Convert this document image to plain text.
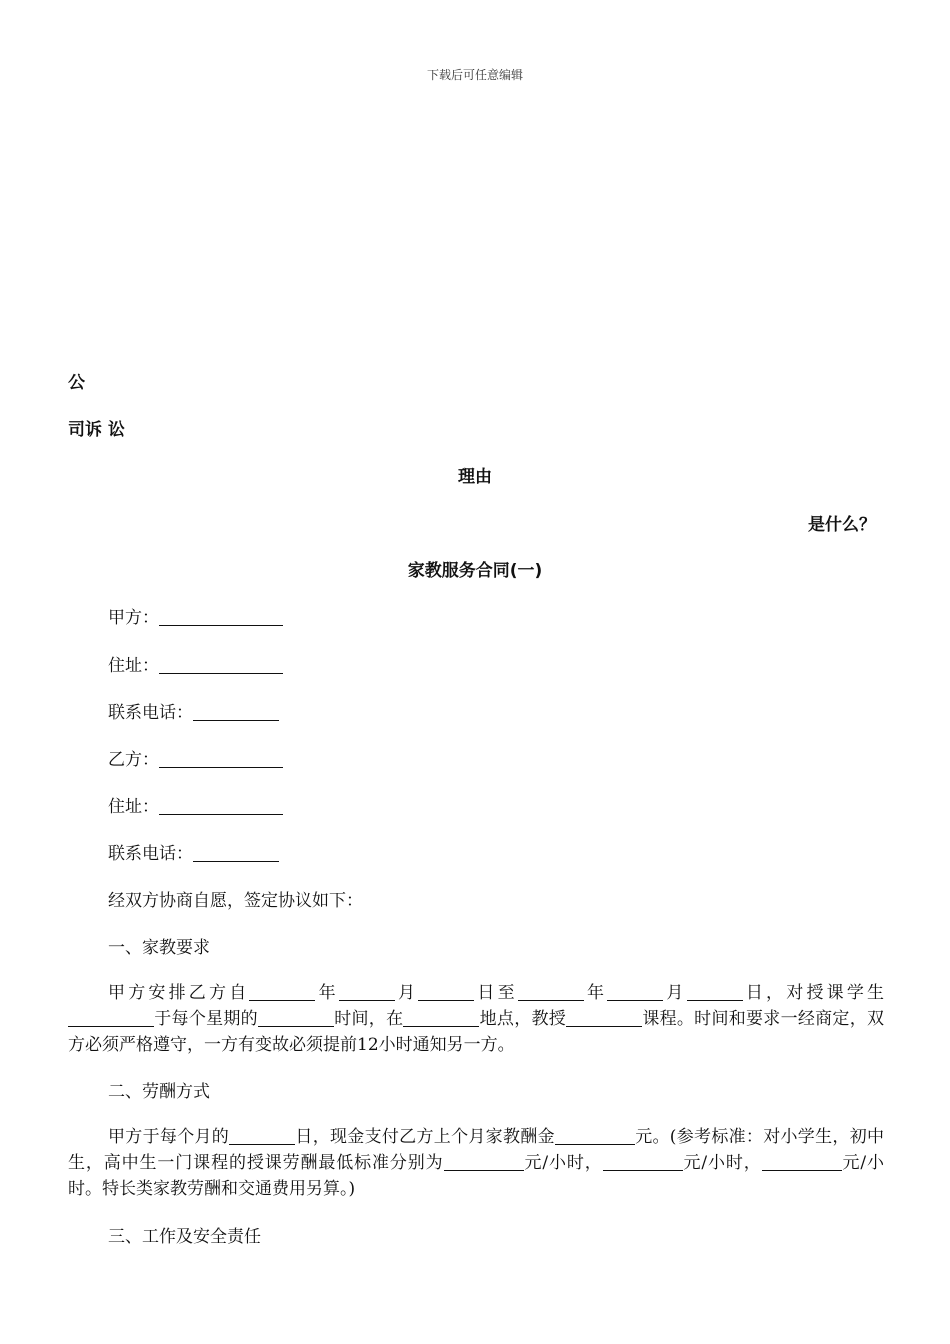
下载后可任意编辑
公
司诉 讼
理由
是什么？
家教服务合同(一)
甲方：
住址：
联系电话：
乙方：
住址：
联系电话：
经双方协商自愿，签定协议如下：
一、家教要求
甲方安排乙方自	年	月	日至	年	月	日，对授课学生于每个星期的	时间，在	地点，教授	课程。时间和要求一经商定，双方必须严格遵守，一方有变故必须提前12小时通知另一方。
二、劳酬方式
甲方于每个月的	日，现金支付乙方上个月家教酬金	元。(参考标准：对小学生，初中生，高中生一门课程的授课劳酬最低标准分别为	元/小时，	元/小时，	元/小时。特长类家教劳酬和交通费用另算。)
三、工作及安全责任
